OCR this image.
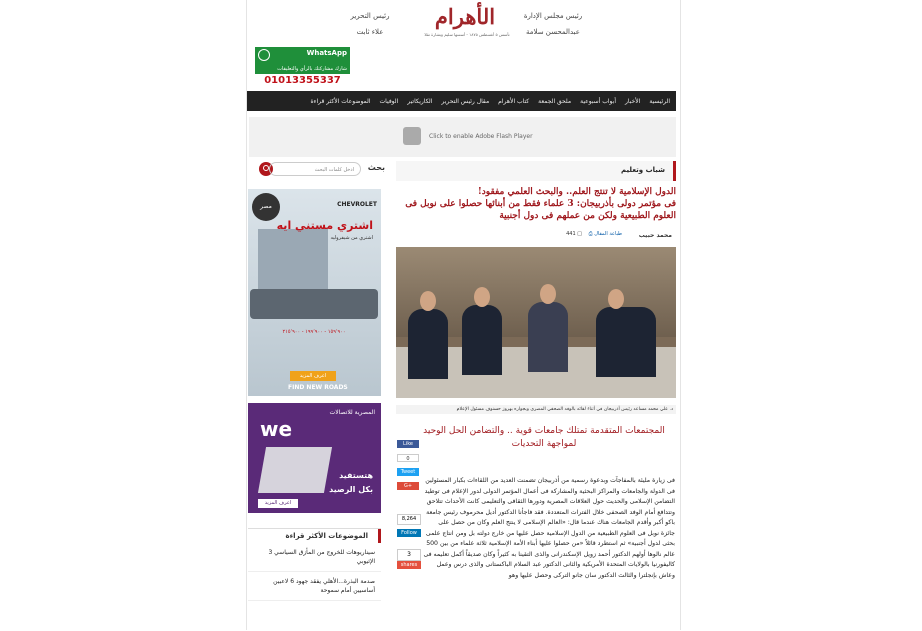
رئيس مجلس الإدارة
عبدالمحسن سلامة
الأهرام
تأسس ٥ أغسطس ١٨٧٥ - أسسها سليم وبشارة تقلا
رئيس التحرير
علاء ثابت
WhatsApp
شارك مشاركتك بالرأي والتعليقات
01013355337
الرئيسية
الأخبار
أبواب أسبوعية
ملحق الجمعة
كتاب الأهرام
مقال رئيس التحرير
الكاريكاتير
الوفيات
الموضوعات الأكثر قراءة
Click to enable Adobe Flash Player
ادخل كلمات البحث	بحث
مصر	CHEVROLET
اشتري مستني ايه
اشتري من شيفروليه
١٥٩٬٩٠٠ - ١٩٩٬٩٠٠ - ٢١٥٬٩٠٠
اعرف المزيد
FIND NEW ROADS
المصرية للاتصالات
we
هتستفيد
بكل الرصيد
اعرف المزيد
الموضوعات الأكثر قراءة
3 سيناريوهات للخروج من المأزق السياسي الإثيوبي
صدمة البذرة...الأهلي يفقد جهود 6 لاعبين أساسيين أمام سموحة
شباب وتعليم
الدول الإسلامية لا تنتج العلم.. والبحث العلمي مفقود!
فى مؤتمر دولى بأذربيجان: 3 علماء فقط من أبنائها حصلوا على نوبل فى العلوم الطبيعية ولكن من عملهم فى دول أجنبية
محمد حبيب
⎙ طباعة المقال
441 □
د. علي محمد مساعد رئيس أذربيجان في أثناء لقائه بالوفد الصحفي المصري وبجواره بهروز حسنوف مسئول الإعلام
المجتمعات المتقدمة تمتلك جامعات قوية .. والتضامن الحل الوحيد لمواجهة التحديات
Like
0
Tweet
G+
8,264
Follow
3
shares
فى زيارة مليئة بالمفاجآت وبدعوة رسمية من أذربيجان تضمنت العديد من اللقاءات بكبار المسئولين فى الدولة والجامعات والمراكز البحثية والمشاركة فى أعمال المؤتمر الدولى لدور الإعلام فى توطيد التضامن الإسلامى والحديث حول العلاقات المصرية ودورها الثقافى والتعليمى كانت الأحداث تتلاحق وتتدافع أمام الوفد الصحفى خلال الفترات المتعددة. فقد فاجأنا الدكتور أديل محرموف رئيس جامعة باكو أكبر وأقدم الجامعات هناك عندما قال: «العالم الإسلامى لا ينتج العلم وكان من حصل على جائزة نوبل فى العلوم الطبيعية من الدول الإسلامية حصل عليها من خارج دولته بل ومن انتاج علمى بحثى لدول أجنبية» ثم استطرد قائلاً «من حصلوا عليها أبناء الأمة الإسلامية ثلاثة علماء من بين 500 عالم نالوها أولهم الدكتور أحمد زويل الإسكندرانى والذى التقينا به كثيراً وكان صديقاً أكمل تعليمه فى كاليفورنيا بالولايات المتحدة الأمريكية والثانى الدكتور عبد السلام الباكستانى والذى درس وعمل وعاش بإنجلترا والثالث الدكتور سان جانو التركى وحصل عليها وهو
